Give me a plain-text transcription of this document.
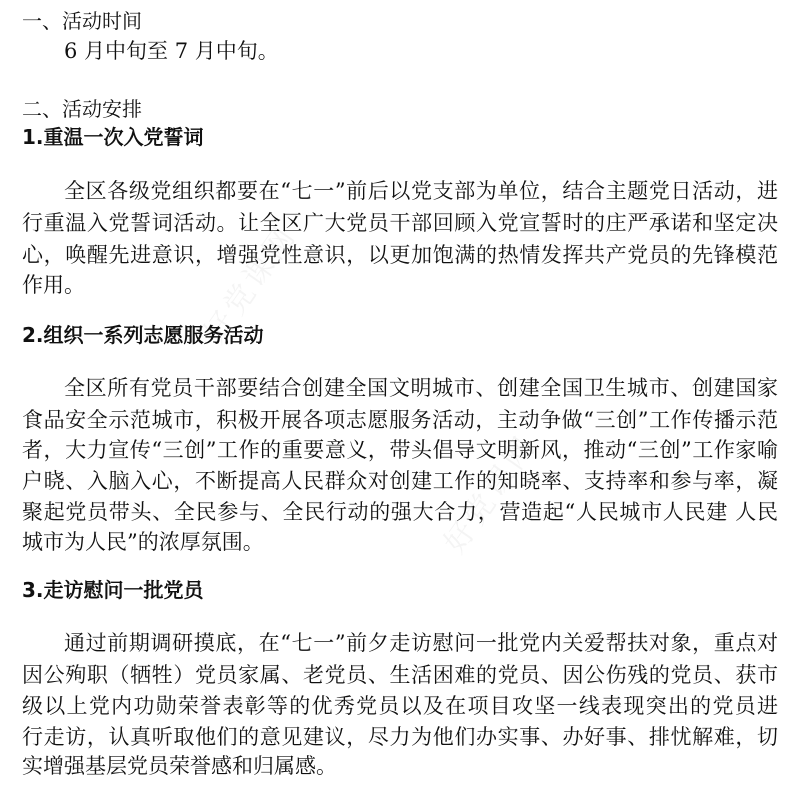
好党课网
好党课网
一、活动时间
6 月中旬至 7 月中旬。
二、活动安排
1.重温一次入党誓词
全区各级党组织都要在“七一”前后以党支部为单位，结合主题党日活动，进
行重温入党誓词活动。让全区广大党员干部回顾入党宣誓时的庄严承诺和坚定决
心，唤醒先进意识，增强党性意识，以更加饱满的热情发挥共产党员的先锋模范
作用。
2.组织一系列志愿服务活动
全区所有党员干部要结合创建全国文明城市、创建全国卫生城市、创建国家
食品安全示范城市，积极开展各项志愿服务活动，主动争做“三创”工作传播示范
者，大力宣传“三创”工作的重要意义，带头倡导文明新风，推动“三创”工作家喻
户晓、入脑入心，不断提高人民群众对创建工作的知晓率、支持率和参与率，凝
聚起党员带头、全民参与、全民行动的强大合力，营造起“人民城市人民建 人民
城市为人民”的浓厚氛围。
3.走访慰问一批党员
通过前期调研摸底，在“七一”前夕走访慰问一批党内关爱帮扶对象，重点对
因公殉职（牺牲）党员家属、老党员、生活困难的党员、因公伤残的党员、获市
级以上党内功勋荣誉表彰等的优秀党员以及在项目攻坚一线表现突出的党员进
行走访，认真听取他们的意见建议，尽力为他们办实事、办好事、排忧解难，切
实增强基层党员荣誉感和归属感。
